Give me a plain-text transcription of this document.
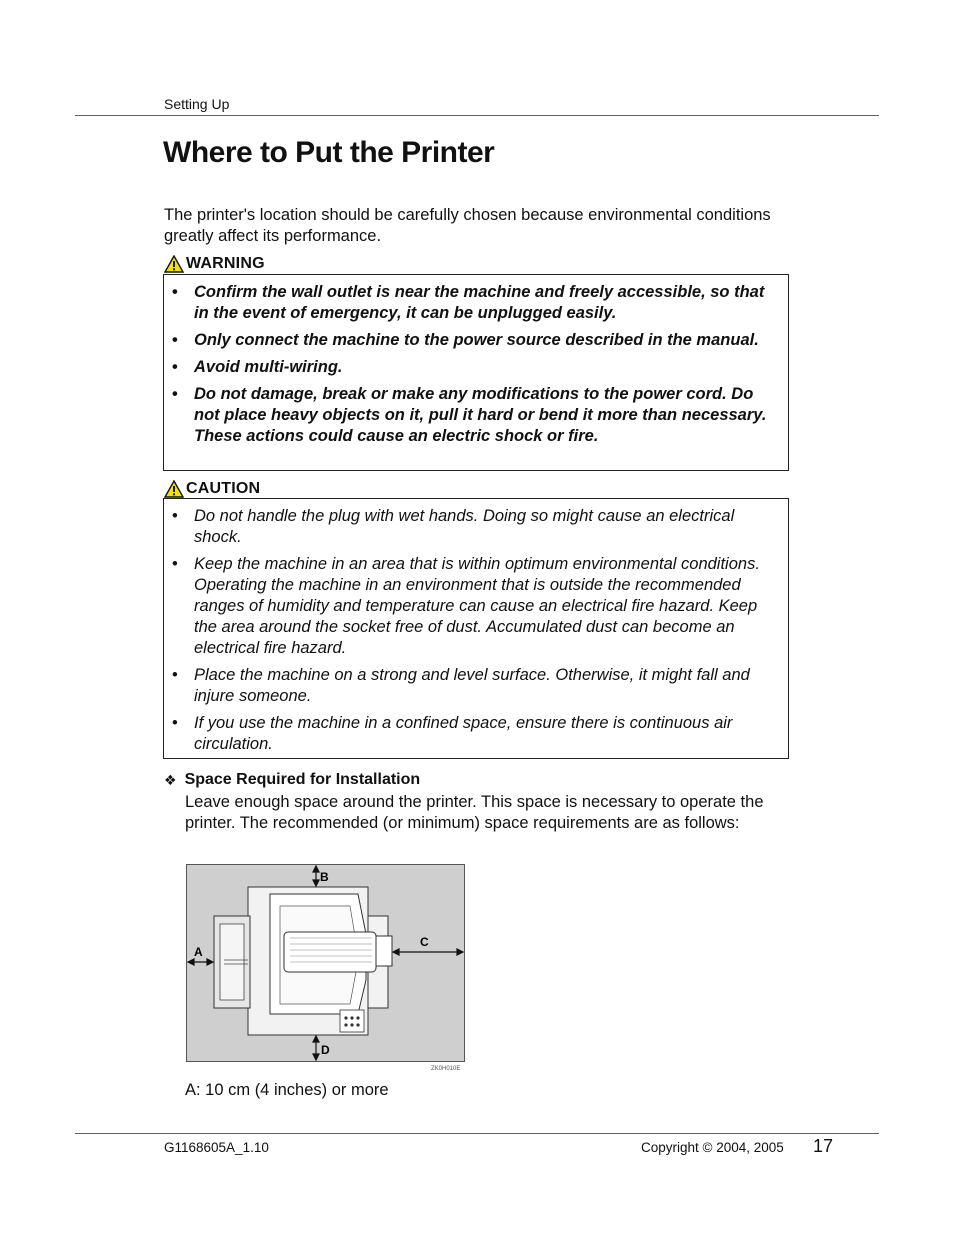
Setting Up
Where to Put the Printer

The printer's location should be carefully chosen because environmental conditions greatly affect its performance.

WARNING
• Confirm the wall outlet is near the machine and freely accessible, so that in the event of emergency, it can be unplugged easily.
• Only connect the machine to the power source described in the manual.
• Avoid multi-wiring.
• Do not damage, break or make any modifications to the power cord. Do not place heavy objects on it, pull it hard or bend it more than necessary. These actions could cause an electric shock or fire.
CAUTION
• Do not handle the plug with wet hands. Doing so might cause an electrical shock.
• Keep the machine in an area that is within optimum environmental conditions. Operating the machine in an environment that is outside the recommended ranges of humidity and temperature can cause an electrical fire hazard. Keep the area around the socket free of dust. Accumulated dust can become an electrical fire hazard.
• Place the machine on a strong and level surface. Otherwise, it might fall and injure someone.
• If you use the machine in a confined space, ensure there is continuous air circulation.
❖ Space Required for Installation

Leave enough space around the printer. This space is necessary to operate the printer. The recommended (or minimum) space requirements are as follows:

A
B
C
D
ZK0H010E
A: 10 cm (4 inches) or more
G1168605A_1.10	Copyright © 2004, 2005 17
